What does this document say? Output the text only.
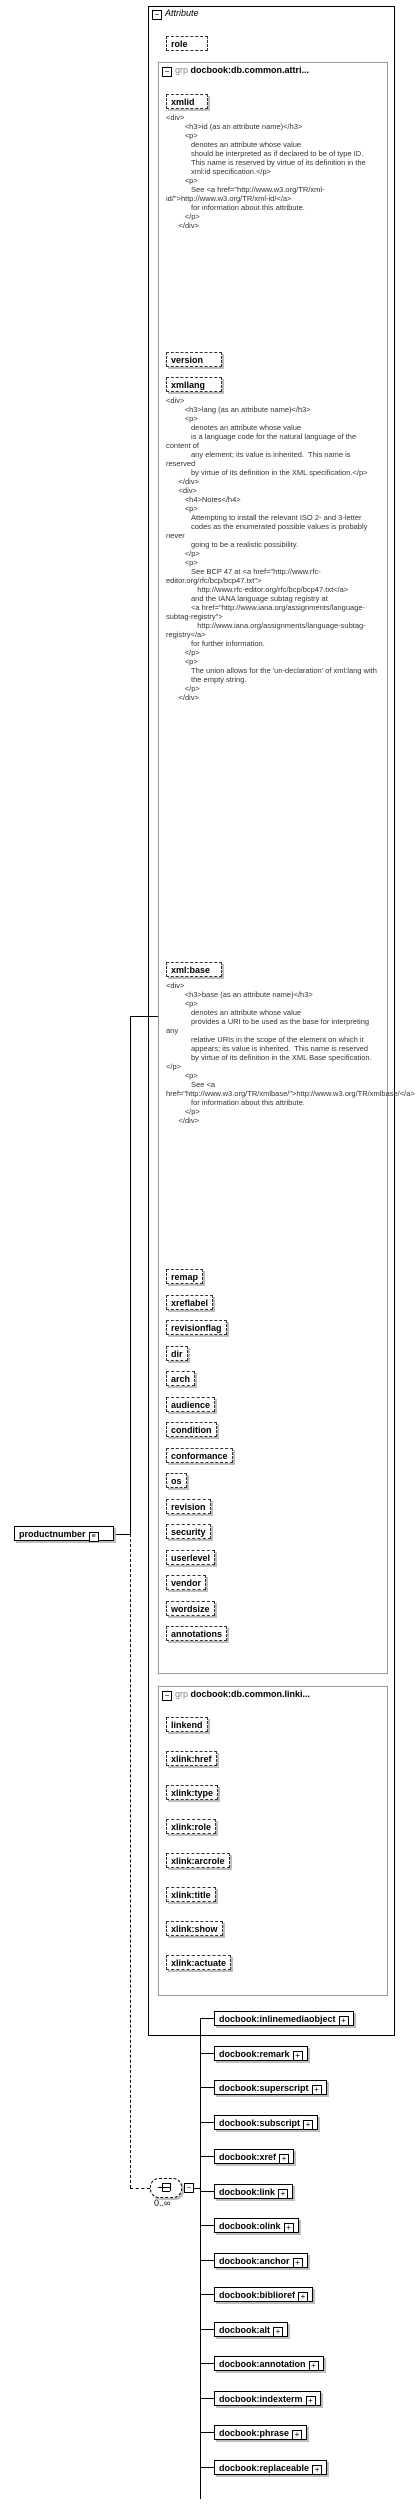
− Attribute
role
− grp docbook:db.common.attri...
xmlid
<div>
<h3>id (as an attribute name)</h3>
<p>
denotes an attribute whose value
should be interpreted as if declared to be of type ID.
This name is reserved by virtue of its definition in the
xml:id specification.</p>
<p>
See <a href="http://www.w3.org/TR/xml-id/">http://www.w3.org/TR/xml-id/</a>
for information about this attribute.
</p>
</div>
version
xmllang
<div>
<h3>lang (as an attribute name)</h3>
<p>
denotes an attribute whose value
is a language code for the natural language of the content of
any element; its value is inherited.  This name is reserved
by virtue of its definition in the XML specification.</p>
</div>
<div>
<h4>Notes</h4>
<p>
Attempting to install the relevant ISO 2- and 3-letter
codes as the enumerated possible values is probably never
going to be a realistic possibility.
</p>
<p>
See BCP 47 at <a href="http://www.rfc-editor.org/rfc/bcp/bcp47.txt">
http://www.rfc-editor.org/rfc/bcp/bcp47.txt</a>
and the IANA language subtag registry at
<a href="http://www.iana.org/assignments/language-subtag-registry">
http://www.iana.org/assignments/language-subtag-registry</a>
for further information.
</p>
<p>
The union allows for the 'un-declaration' of xml:lang with
the empty string.
</p>
</div>
xml:base
<div>
<h3>base (as an attribute name)</h3>
<p>
denotes an attribute whose value
provides a URI to be used as the base for interpreting any
relative URIs in the scope of the element on which it
appears; its value is inherited.  This name is reserved
by virtue of its definition in the XML Base specification.</p>
<p>
See <a href="http://www.w3.org/TR/xmlbase/">http://www.w3.org/TR/xmlbase/</a>
for information about this attribute.
</p>
</div>
remap
xreflabel
revisionflag
dir
arch
audience
condition
conformance
os
revision
security
userlevel
vendor
wordsize
annotations
− grp docbook:db.common.linki...
linkend
xlink:href
xlink:type
xlink:role
xlink:arcrole
xlink:title
xlink:show
xlink:actuate
productnumber ≡
0..∞
−
docbook:inlinemediaobject +
docbook:remark +
docbook:superscript +
docbook:subscript +
docbook:xref +
docbook:link +
docbook:olink +
docbook:anchor +
docbook:biblioref +
docbook:alt +
docbook:annotation +
docbook:indexterm +
docbook:phrase +
docbook:replaceable +
